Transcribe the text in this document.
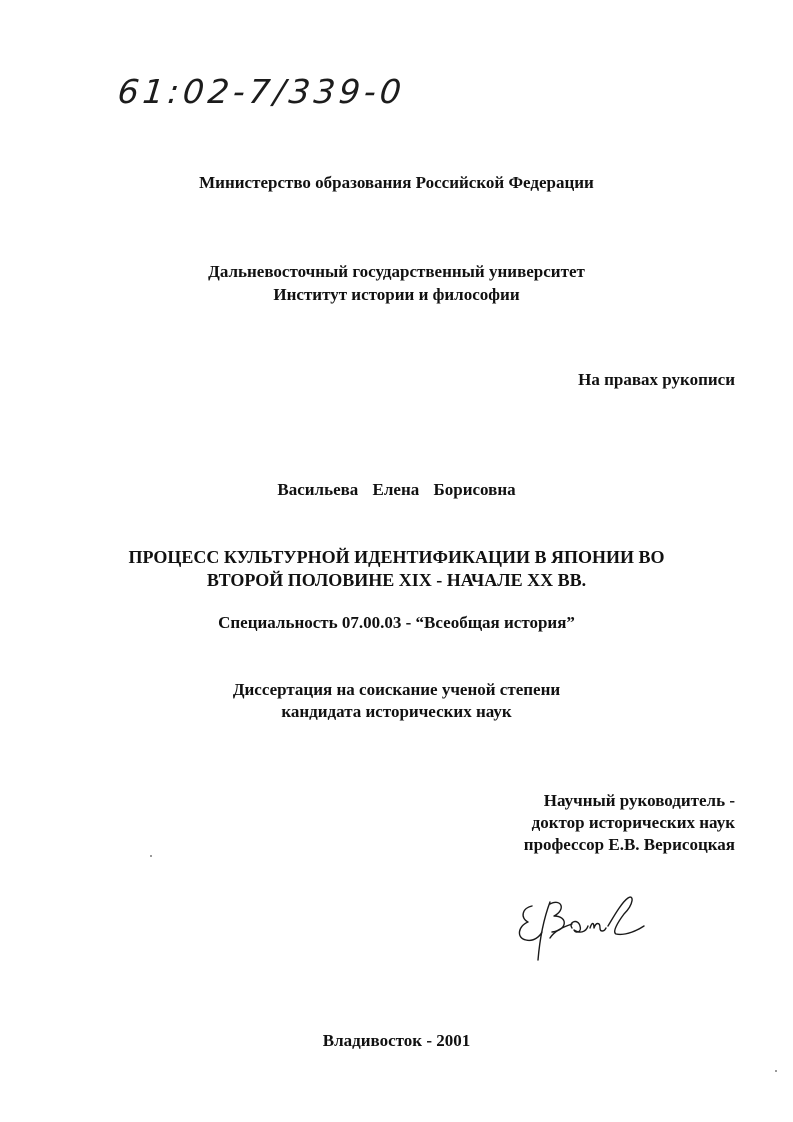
61:02-7/339-0
Министерство образования Российской Федерации
Дальневосточный государственный университет
Институт истории и философии
На правах рукописи
Васильева Елена Борисовна
ПРОЦЕСС КУЛЬТУРНОЙ ИДЕНТИФИКАЦИИ В ЯПОНИИ ВО
ВТОРОЙ ПОЛОВИНЕ XIX - НАЧАЛЕ XX ВВ.
Специальность 07.00.03 - “Всеобщая история”
Диссертация на соискание ученой степени
кандидата исторических наук
Научный руководитель -
доктор исторических наук
профессор Е.В. Верисоцкая
Владивосток - 2001
